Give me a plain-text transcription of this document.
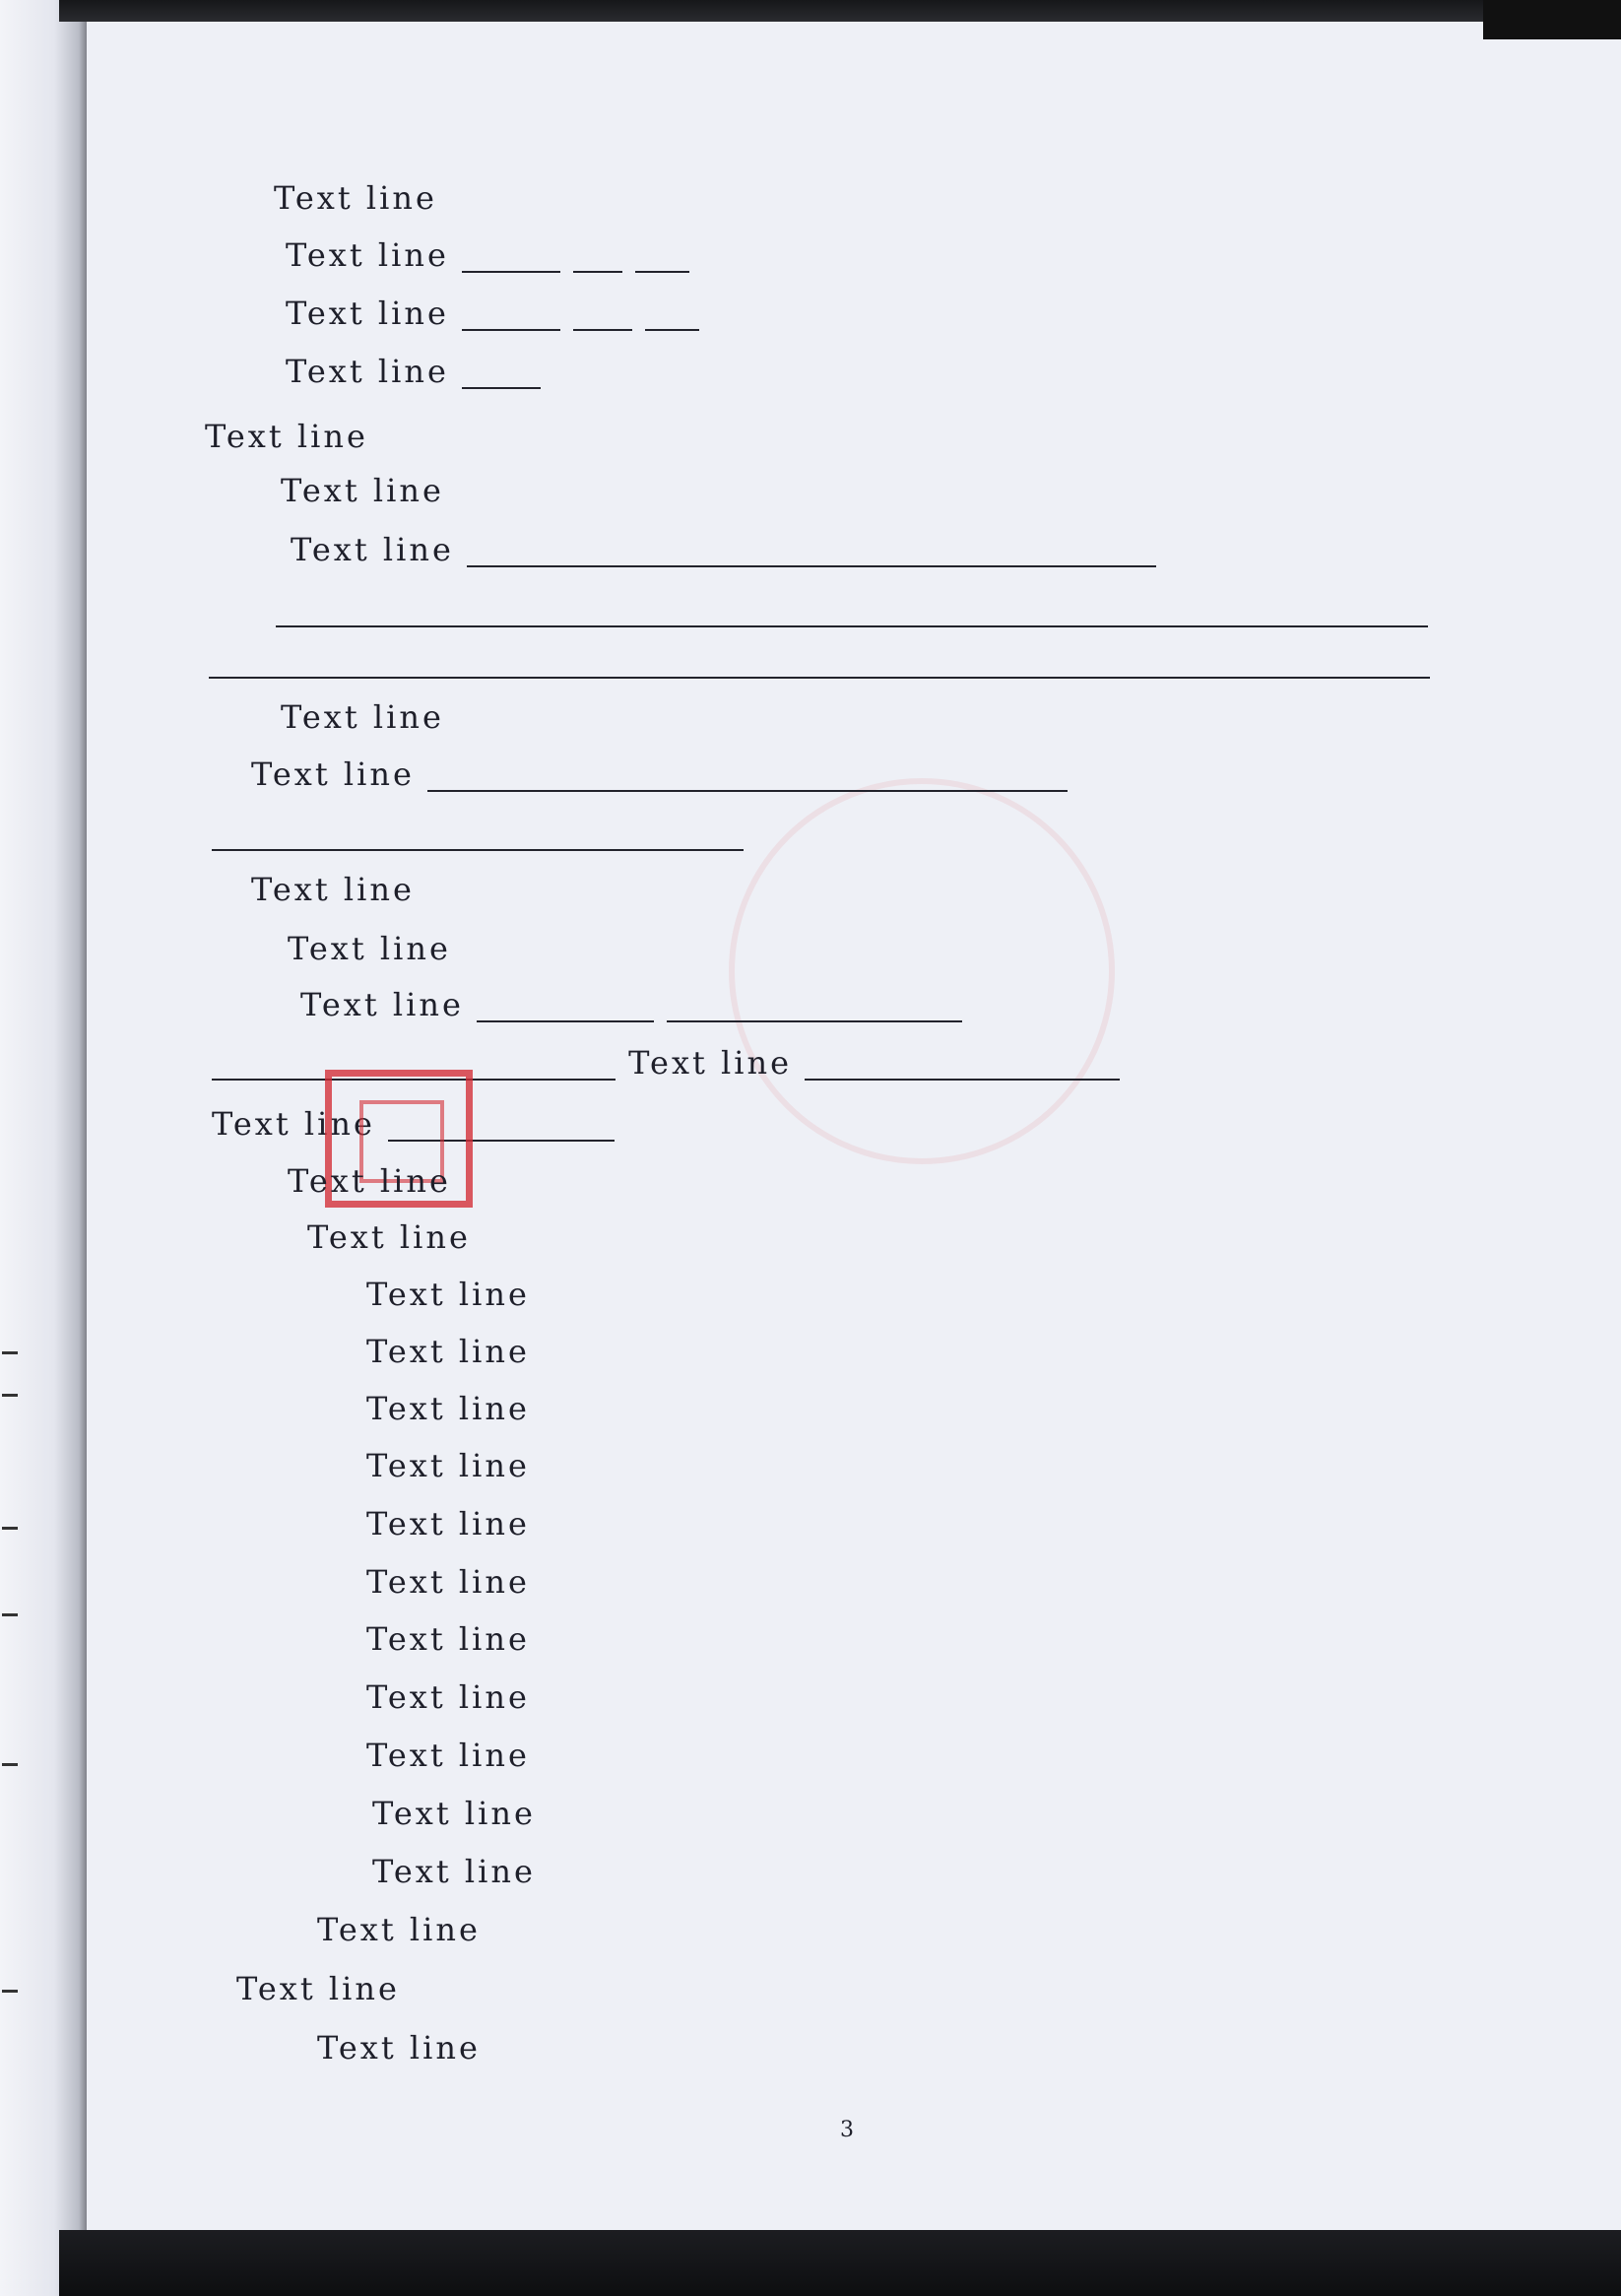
Text line
Text line
Text line
Text line
Text line
Text line
Text line
Text line
Text line
Text line
Text line
Text line
Text line
Text line
Text line
Text line
Text line
Text line
Text line
Text line
Text line
Text line
Text line
Text line
Text line
Text line
Text line
Text line
Text line
Text line
3
